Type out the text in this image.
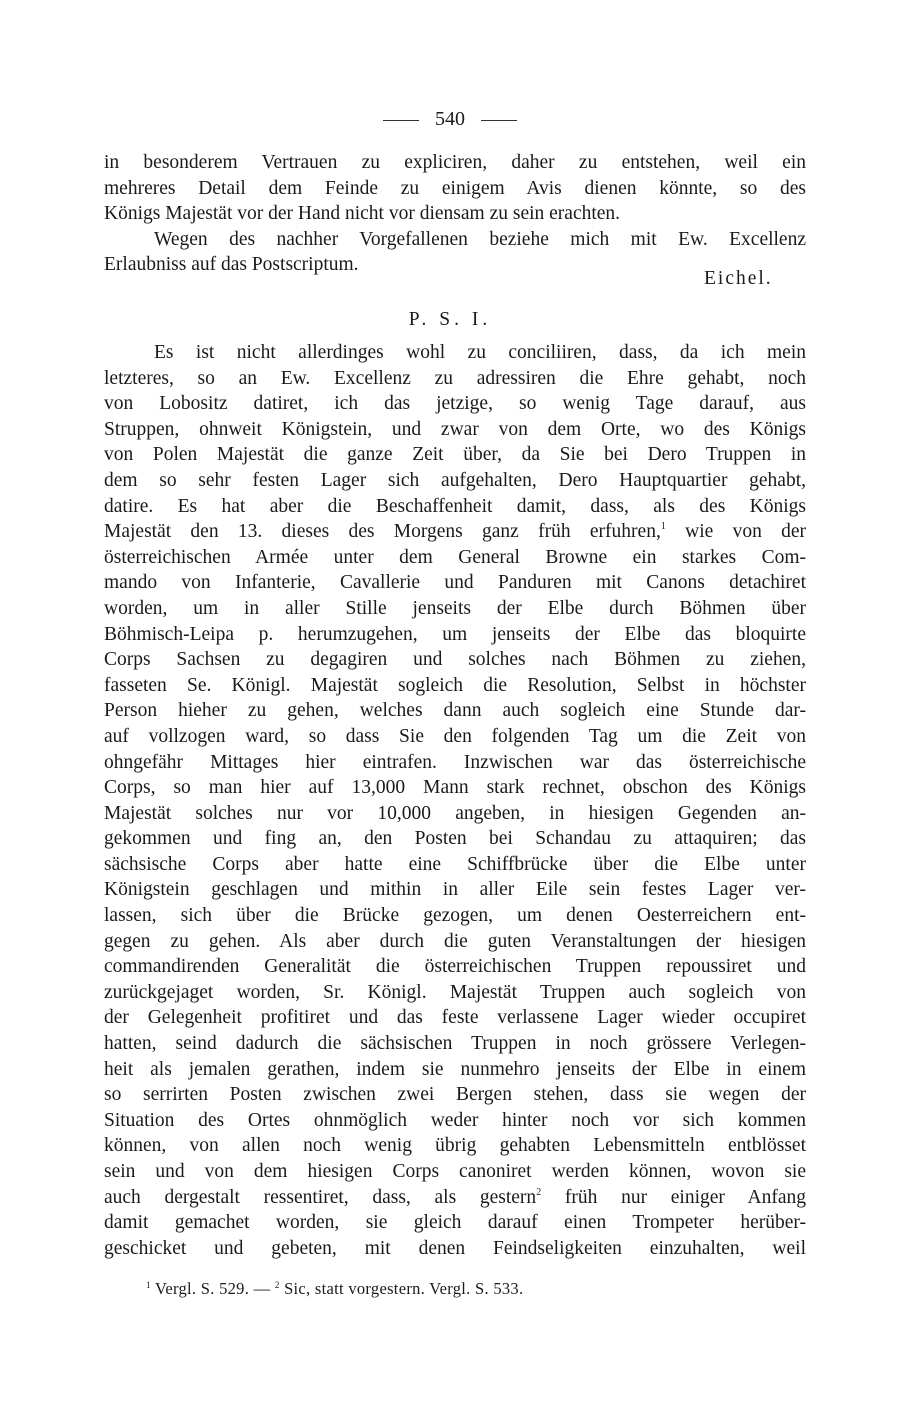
540
in besonderem Vertrauen zu expliciren, daher zu entstehen, weil ein
mehreres Detail dem Feinde zu einigem Avis dienen könnte, so des
Königs Majestät vor der Hand nicht vor diensam zu sein erachten.
Wegen des nachher Vorgefallenen beziehe mich mit Ew. Excellenz
Erlaubniss auf das Postscriptum.
Eichel.
P. S. I.
Es ist nicht allerdinges wohl zu conciliiren, dass, da ich mein
letzteres, so an Ew. Excellenz zu adressiren die Ehre gehabt, noch
von Lobositz datiret, ich das jetzige, so wenig Tage darauf, aus
Struppen, ohnweit Königstein, und zwar von dem Orte, wo des Königs
von Polen Majestät die ganze Zeit über, da Sie bei Dero Truppen in
dem so sehr festen Lager sich aufgehalten, Dero Hauptquartier gehabt,
datire. Es hat aber die Beschaffenheit damit, dass, als des Königs
Majestät den 13. dieses des Morgens ganz früh erfuhren,$^1$ wie von der
österreichischen Armée unter dem General Browne ein starkes Com-
mando von Infanterie, Cavallerie und Panduren mit Canons detachiret
worden, um in aller Stille jenseits der Elbe durch Böhmen über
Böhmisch-Leipa p. herumzugehen, um jenseits der Elbe das bloquirte
Corps Sachsen zu degagiren und solches nach Böhmen zu ziehen,
fasseten Se. Königl. Majestät sogleich die Resolution, Selbst in höchster
Person hieher zu gehen, welches dann auch sogleich eine Stunde dar-
auf vollzogen ward, so dass Sie den folgenden Tag um die Zeit von
ohngefähr Mittages hier eintrafen. Inzwischen war das österreichische
Corps, so man hier auf 13,000 Mann stark rechnet, obschon des Königs
Majestät solches nur vor 10,000 angeben, in hiesigen Gegenden an-
gekommen und fing an, den Posten bei Schandau zu attaquiren; das
sächsische Corps aber hatte eine Schiffbrücke über die Elbe unter
Königstein geschlagen und mithin in aller Eile sein festes Lager ver-
lassen, sich über die Brücke gezogen, um denen Oesterreichern ent-
gegen zu gehen. Als aber durch die guten Veranstaltungen der hiesigen
commandirenden Generalität die österreichischen Truppen repoussiret und
zurückgejaget worden, Sr. Königl. Majestät Truppen auch sogleich von
der Gelegenheit profitiret und das feste verlassene Lager wieder occupiret
hatten, seind dadurch die sächsischen Truppen in noch grössere Verlegen-
heit als jemalen gerathen, indem sie nunmehro jenseits der Elbe in einem
so serrirten Posten zwischen zwei Bergen stehen, dass sie wegen der
Situation des Ortes ohnmöglich weder hinter noch vor sich kommen
können, von allen noch wenig übrig gehabten Lebensmitteln entblösset
sein und von dem hiesigen Corps canoniret werden können, wovon sie
auch dergestalt ressentiret, dass, als gestern$^2$ früh nur einiger Anfang
damit gemachet worden, sie gleich darauf einen Trompeter herüber-
geschicket und gebeten, mit denen Feindseligkeiten einzuhalten, weil
$^1$ Vergl. S. 529. — $^2$ Sic, statt vorgestern. Vergl. S. 533.
